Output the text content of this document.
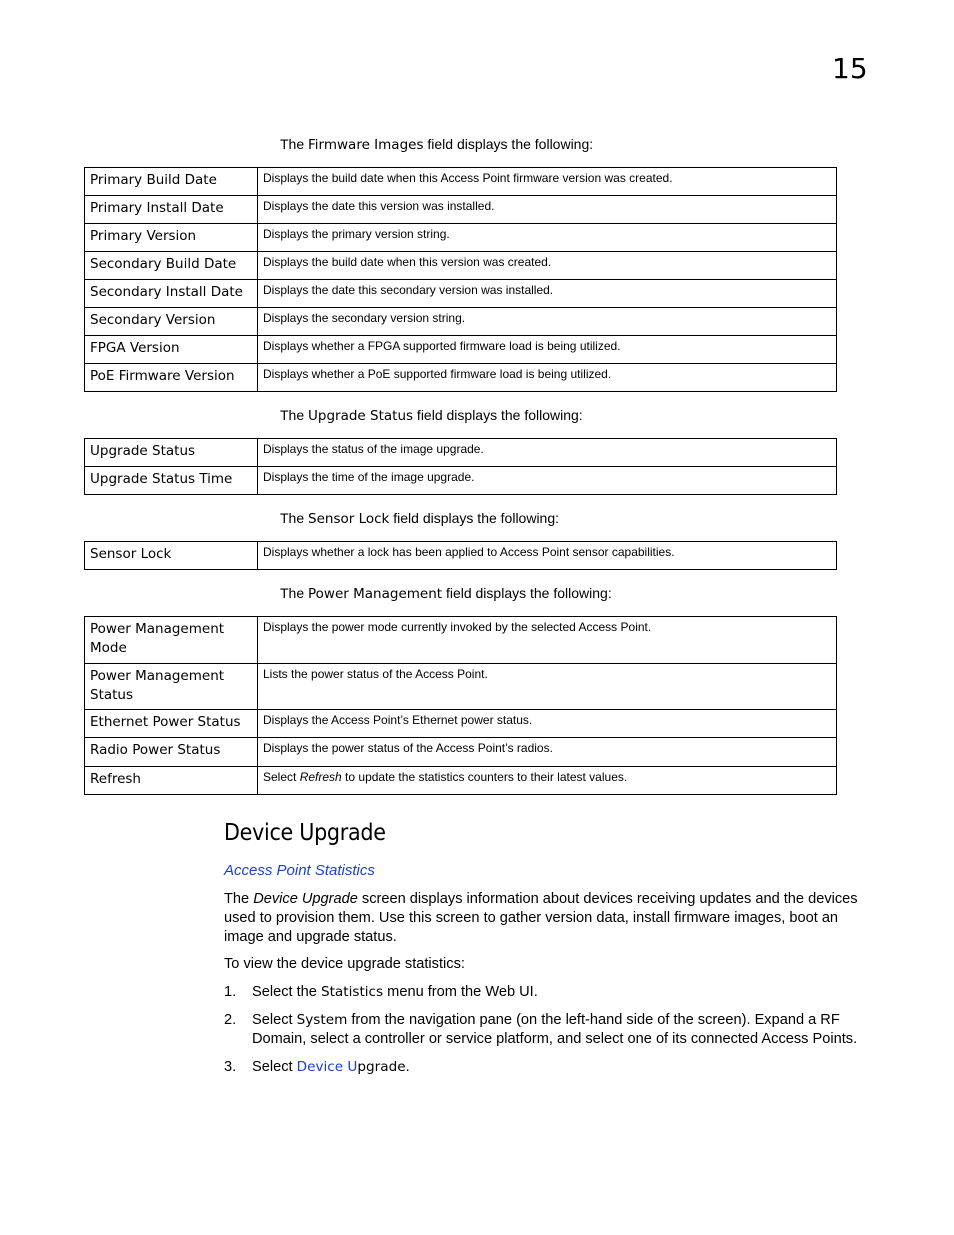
15
The Firmware Images field displays the following:
Primary Build Date	Displays the build date when this Access Point firmware version was created.
Primary Install Date	Displays the date this version was installed.
Primary Version	Displays the primary version string.
Secondary Build Date	Displays the build date when this version was created.
Secondary Install Date	Displays the date this secondary version was installed.
Secondary Version	Displays the secondary version string.
FPGA Version	Displays whether a FPGA supported firmware load is being utilized.
PoE Firmware Version	Displays whether a PoE supported firmware load is being utilized.
The Upgrade Status field displays the following:
Upgrade Status	Displays the status of the image upgrade.
Upgrade Status Time	Displays the time of the image upgrade.
The Sensor Lock field displays the following:
Sensor Lock	Displays whether a lock has been applied to Access Point sensor capabilities.
The Power Management field displays the following:
Power Management Mode	Displays the power mode currently invoked by the selected Access Point.
Power Management Status	Lists the power status of the Access Point.
Ethernet Power Status	Displays the Access Point’s Ethernet power status.
Radio Power Status	Displays the power status of the Access Point’s radios.
Refresh	Select Refresh to update the statistics counters to their latest values.
Device Upgrade
Access Point Statistics
The Device Upgrade screen displays information about devices receiving updates and the devices used to provision them. Use this screen to gather version data, install firmware images, boot an image and upgrade status.
To view the device upgrade statistics:
1. Select the Statistics menu from the Web UI.
2. Select System from the navigation pane (on the left-hand side of the screen). Expand a RF Domain, select a controller or service platform, and select one of its connected Access Points.
3. Select Device Upgrade.
